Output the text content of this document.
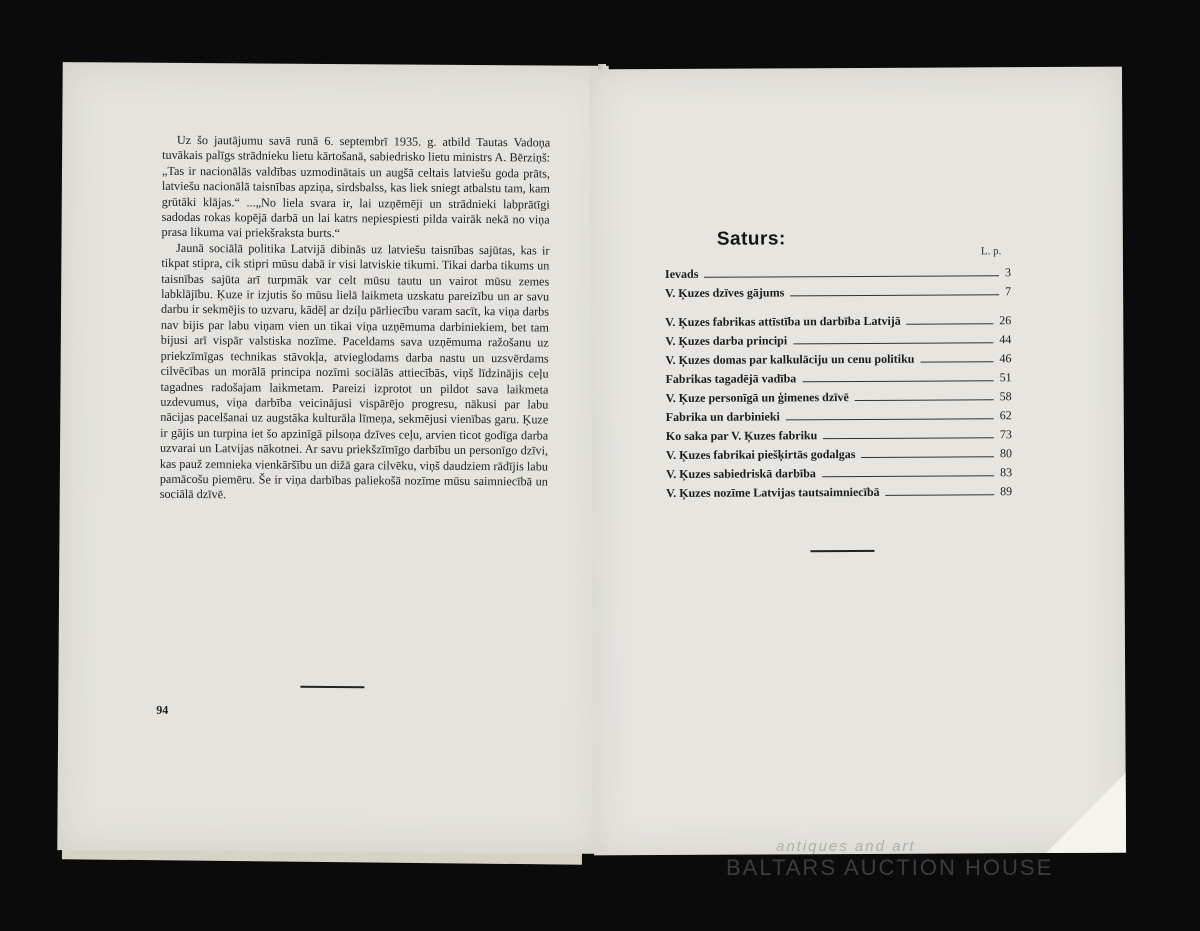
Uz šo jautājumu savā runā 6. septembrī 1935. g. atbild Tautas Vadoņa tuvākais palīgs strādnieku lietu kārtošanā, sabiedrisko lietu ministrs A. Bērziņš: „Tas ir nacionālās valdības uzmodinātais un augšā celtais latviešu goda prāts, latviešu nacionālā taisnības apziņa, sirdsbalss, kas liek sniegt atbalstu tam, kam grūtāki klājas.“ ...„No liela svara ir, lai uzņēmēji un strādnieki labprātīgi sadodas rokas kopējā darbā un lai katrs nepiespiesti pilda vairāk nekā no viņa prasa likuma vai priekšraksta burts.“

Jaunā sociālā politika Latvijā dibinās uz latviešu taisnības sajūtas, kas ir tikpat stipra, cik stipri mūsu dabā ir visi latviskie tikumi. Tikai darba tikums un taisnības sajūta arī turpmāk var celt mūsu tautu un vairot mūsu zemes labklājību. Ķuze ir izjutis šo mūsu lielā laikmeta uzskatu pareizību un ar savu darbu ir sekmējis to uzvaru, kādēļ ar dziļu pārliecību varam sacīt, ka viņa darbs nav bijis par labu viņam vien un tikai viņa uzņēmuma darbiniekiem, bet tam bijusi arī vispār valstiska nozīme. Paceldams sava uzņēmuma ražošanu uz priekzīmīgas technikas stāvokļa, atvieglodams darba nastu un uzsvērdams cilvēcības un morālā principa nozīmi sociālās attiecībās, viņš līdzinājis ceļu tagadnes radošajam laikmetam. Pareizi izprotot un pildot sava laikmeta uzdevumus, viņa darbība veicinājusi vispārējo progresu, nākusi par labu nācijas pacelšanai uz augstāka kulturāla līmeņa, sekmējusi vienības garu. Ķuze ir gājis un turpina iet šo apzinīgā pilsoņa dzīves ceļu, arvien ticot godīga darba uzvarai un Latvijas nākotnei. Ar savu priekšzīmīgo darbību un personīgo dzīvi, kas pauž zemnieka vienkāršību un dižā gara cilvēku, viņš daudziem rādījis labu pamācošu piemēru. Še ir viņa darbības paliekošā nozīme mūsu saimniecībā un sociālā dzīvē.

94
Saturs:
L. p.
Ievads	3
V. Ķuzes dzīves gājums	7
V. Ķuzes fabrikas attīstība un darbība Latvijā	26
V. Ķuzes darba principi	44
V. Ķuzes domas par kalkulāciju un cenu politiku	46
Fabrikas tagadējā vadība	51
V. Ķuze personīgā un ģimenes dzīvē	58
Fabrika un darbinieki	62
Ko saka par V. Ķuzes fabriku	73
V. Ķuzes fabrikai piešķirtās godalgas	80
V. Ķuzes sabiedriskā darbība	83
V. Ķuzes nozīme Latvijas tautsaimniecībā	89
antiques and art
BALTARS AUCTION HOUSE
